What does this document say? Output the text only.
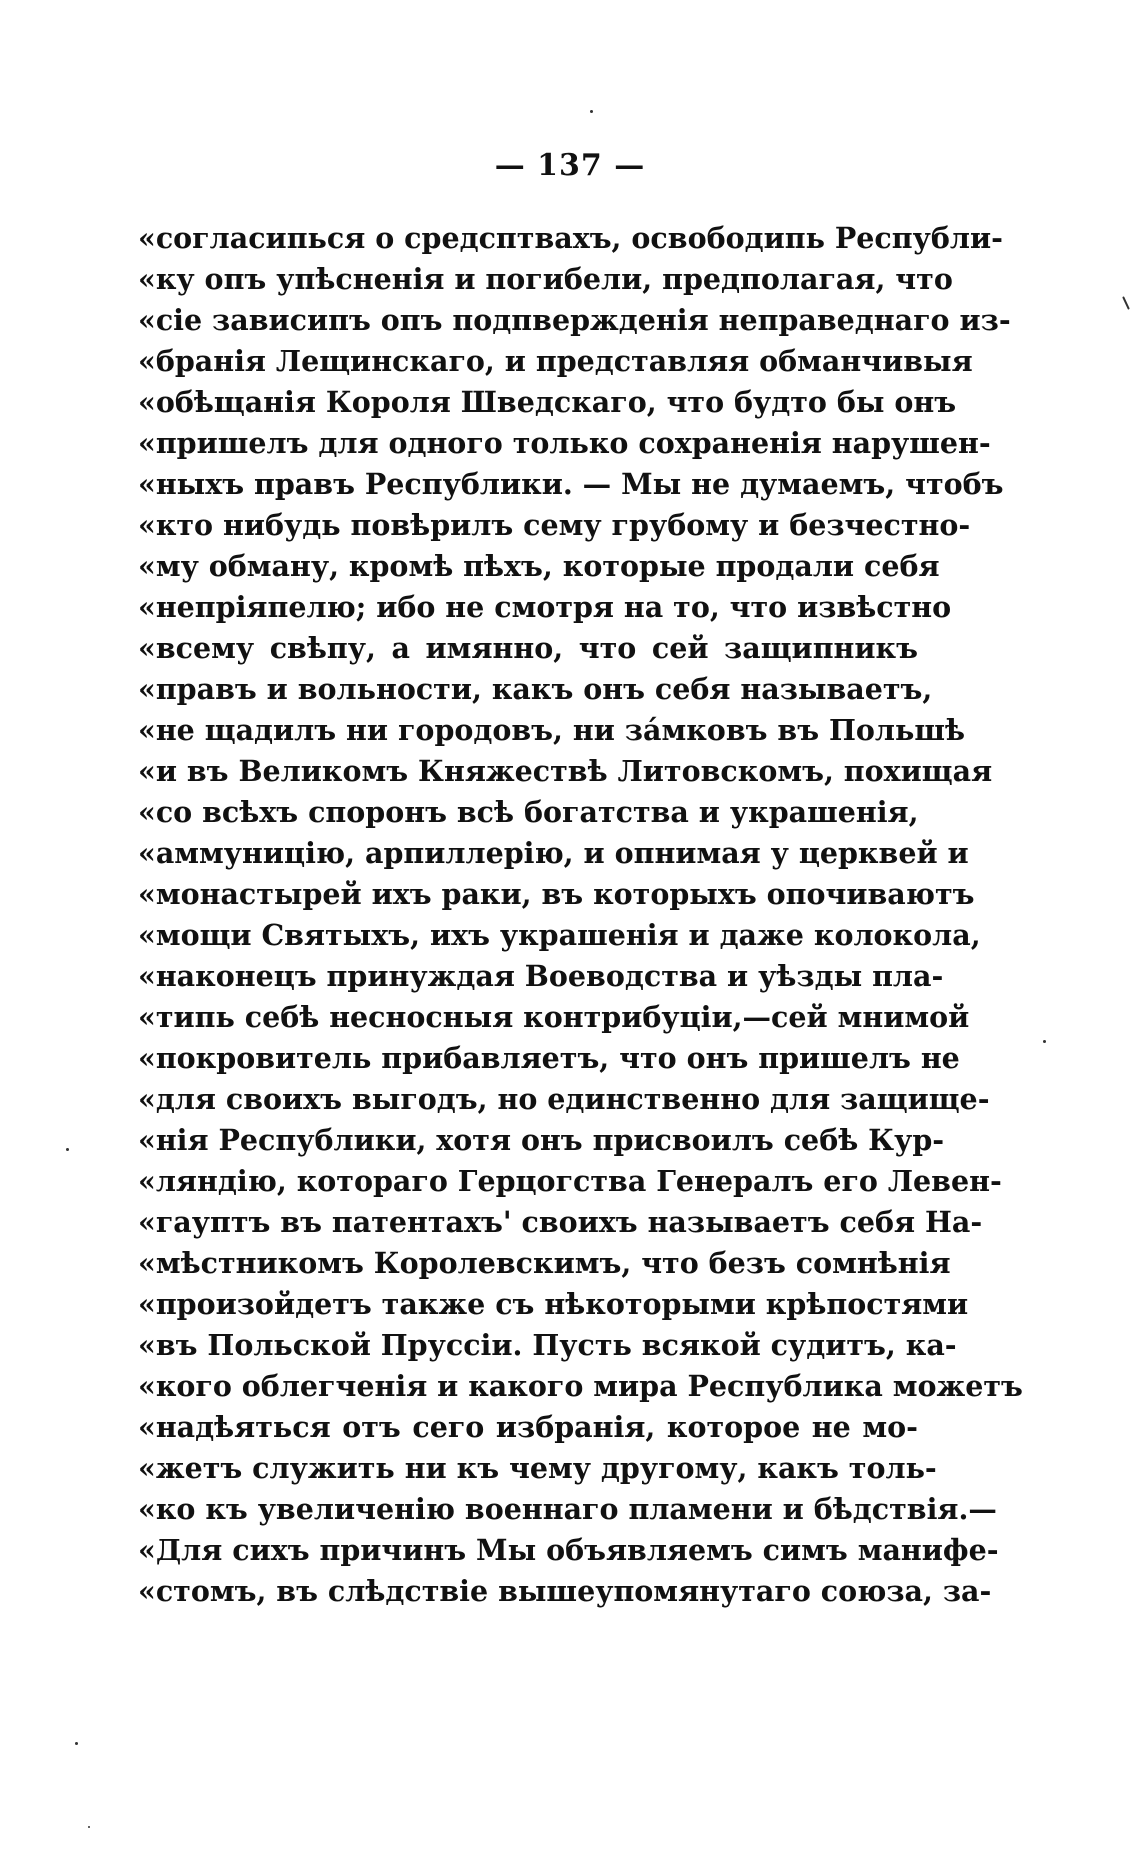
— 137 —
«согласипься о средсптвахъ, освободипь Республи-
«ку опъ упѣсненія и погибели, предполагая, что
«сіе зависипъ опъ подпвержденія неправеднаго из-
«бранія Лещинскаго, и представляя обманчивыя
«обѣщанія Короля Шведскаго, что будто бы онъ
«пришелъ для одного только сохраненія нарушен-
«ныхъ правъ Республики. — Мы не думаемъ, чтобъ
«кто нибудь повѣрилъ сему грубому и безчестно-
«му обману, кромѣ пѣхъ, которые продали себя
«непріяпелю; ибо не смотря на то, что извѣстно
«всему свѣпу, а имянно, что сей защипникъ
«правъ и вольности, какъ онъ себя называетъ,
«не щадилъ ни городовъ, ни за́мковъ въ Польшѣ
«и въ Великомъ Княжествѣ Литовскомъ, похищая
«со всѣхъ споронъ всѣ богатства и украшенія,
«аммуницію, арпиллерію, и опнимая у церквей и
«монастырей ихъ раки, въ которыхъ опочиваютъ
«мощи Святыхъ, ихъ украшенія и даже колокола,
«наконецъ принуждая Воеводства и уѣзды пла-
«типь себѣ несносныя контрибуціи,—сей мнимой
«покровитель прибавляетъ, что онъ пришелъ не
«для своихъ выгодъ, но единственно для защище-
«нія Республики, хотя онъ присвоилъ себѣ Кур-
«ляндію, котораго Герцогства Генералъ его Левен-
«гауптъ въ патентахъ' своихъ называетъ себя На-
«мѣстникомъ Королевскимъ, что безъ сомнѣнія
«произойдетъ также съ нѣкоторыми крѣпостями
«въ Польской Пруссіи. Пусть всякой судитъ, ка-
«кого облегченія и какого мира Республика можетъ
«надѣяться отъ сего избранія, которое не мо-
«жетъ служить ни къ чему другому, какъ толь-
«ко къ увеличенію военнаго пламени и бѣдствія.—
«Для сихъ причинъ Мы объявляемъ симъ манифе-
«стомъ, въ слѣдствіе вышеупомянутаго союза, за-
